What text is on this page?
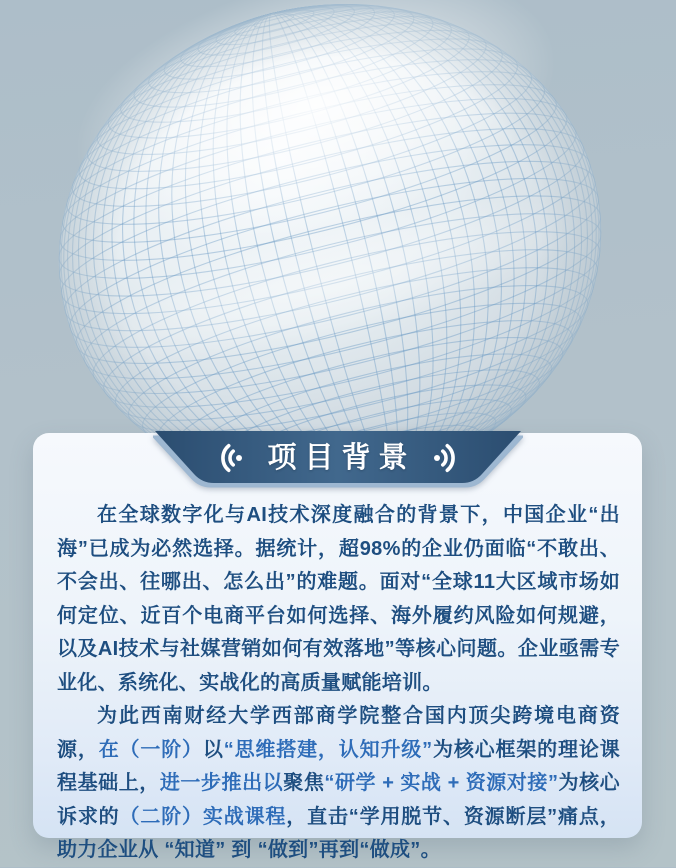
项目背景

在全球数字化与AI技术深度融合的背景下，中国企业“出海”已成为必然选择。据统计，超98%的企业仍面临“不敢出、不会出、往哪出、怎么出”的难题。面对“全球11大区域市场如何定位、近百个电商平台如何选择、海外履约风险如何规避，以及AI技术与社媒营销如何有效落地”等核心问题。企业亟需专业化、系统化、实战化的高质量赋能培训。

为此西南财经大学西部商学院整合国内顶尖跨境电商资源，在（一阶）以“思维搭建，认知升级”为核心框架的理论课程基础上，进一步推出以聚焦“研学 + 实战 + 资源对接”为核心诉求的（二阶）实战课程，直击“学用脱节、资源断层”痛点，助力企业从 “知道” 到 “做到”再到“做成”。
